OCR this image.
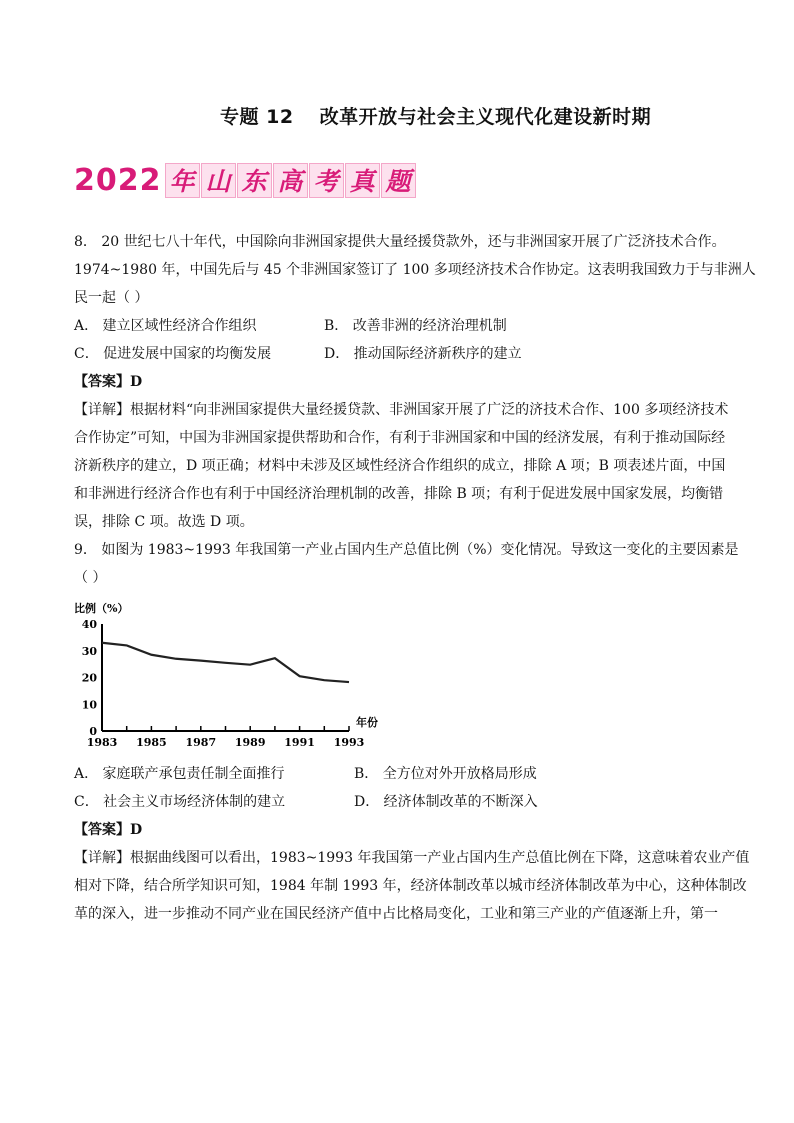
专题 12 改革开放与社会主义现代化建设新时期
2022 年 山 东 高 考 真 题
8． 20 世纪七八十年代，中国除向非洲国家提供大量经援贷款外，还与非洲国家开展了广泛济技术合作。
1974~1980 年，中国先后与 45 个非洲国家签订了 100 多项经济技术合作协定。这表明我国致力于与非洲人
民一起（ ）
A． 建立区域性经济合作组织	B． 改善非洲的经济治理机制
C． 促进发展中国家的均衡发展	D． 推动国际经济新秩序的建立
【答案】D
【详解】根据材料“向非洲国家提供大量经援贷款、非洲国家开展了广泛的济技术合作、100 多项经济技术
合作协定”可知，中国为非洲国家提供帮助和合作，有利于非洲国家和中国的经济发展，有利于推动国际经
济新秩序的建立，D 项正确；材料中未涉及区域性经济合作组织的成立，排除 A 项；B 项表述片面，中国
和非洲进行经济合作也有利于中国经济治理机制的改善，排除 B 项；有利于促进发展中国家发展，均衡错
误，排除 C 项。故选 D 项。
9． 如图为 1983~1993 年我国第一产业占国内生产总值比例（%）变化情况。导致这一变化的主要因素是
（ ）
比例（%）
年份
0
10
20
30
40
1983 1985 1987 1989 1991 1993
A． 家庭联产承包责任制全面推行	B． 全方位对外开放格局形成
C． 社会主义市场经济体制的建立	D． 经济体制改革的不断深入
【答案】D
【详解】根据曲线图可以看出，1983~1993 年我国第一产业占国内生产总值比例在下降，这意味着农业产值
相对下降，结合所学知识可知，1984 年制 1993 年，经济体制改革以城市经济体制改革为中心，这种体制改
革的深入，进一步推动不同产业在国民经济产值中占比格局变化，工业和第三产业的产值逐渐上升，第一
